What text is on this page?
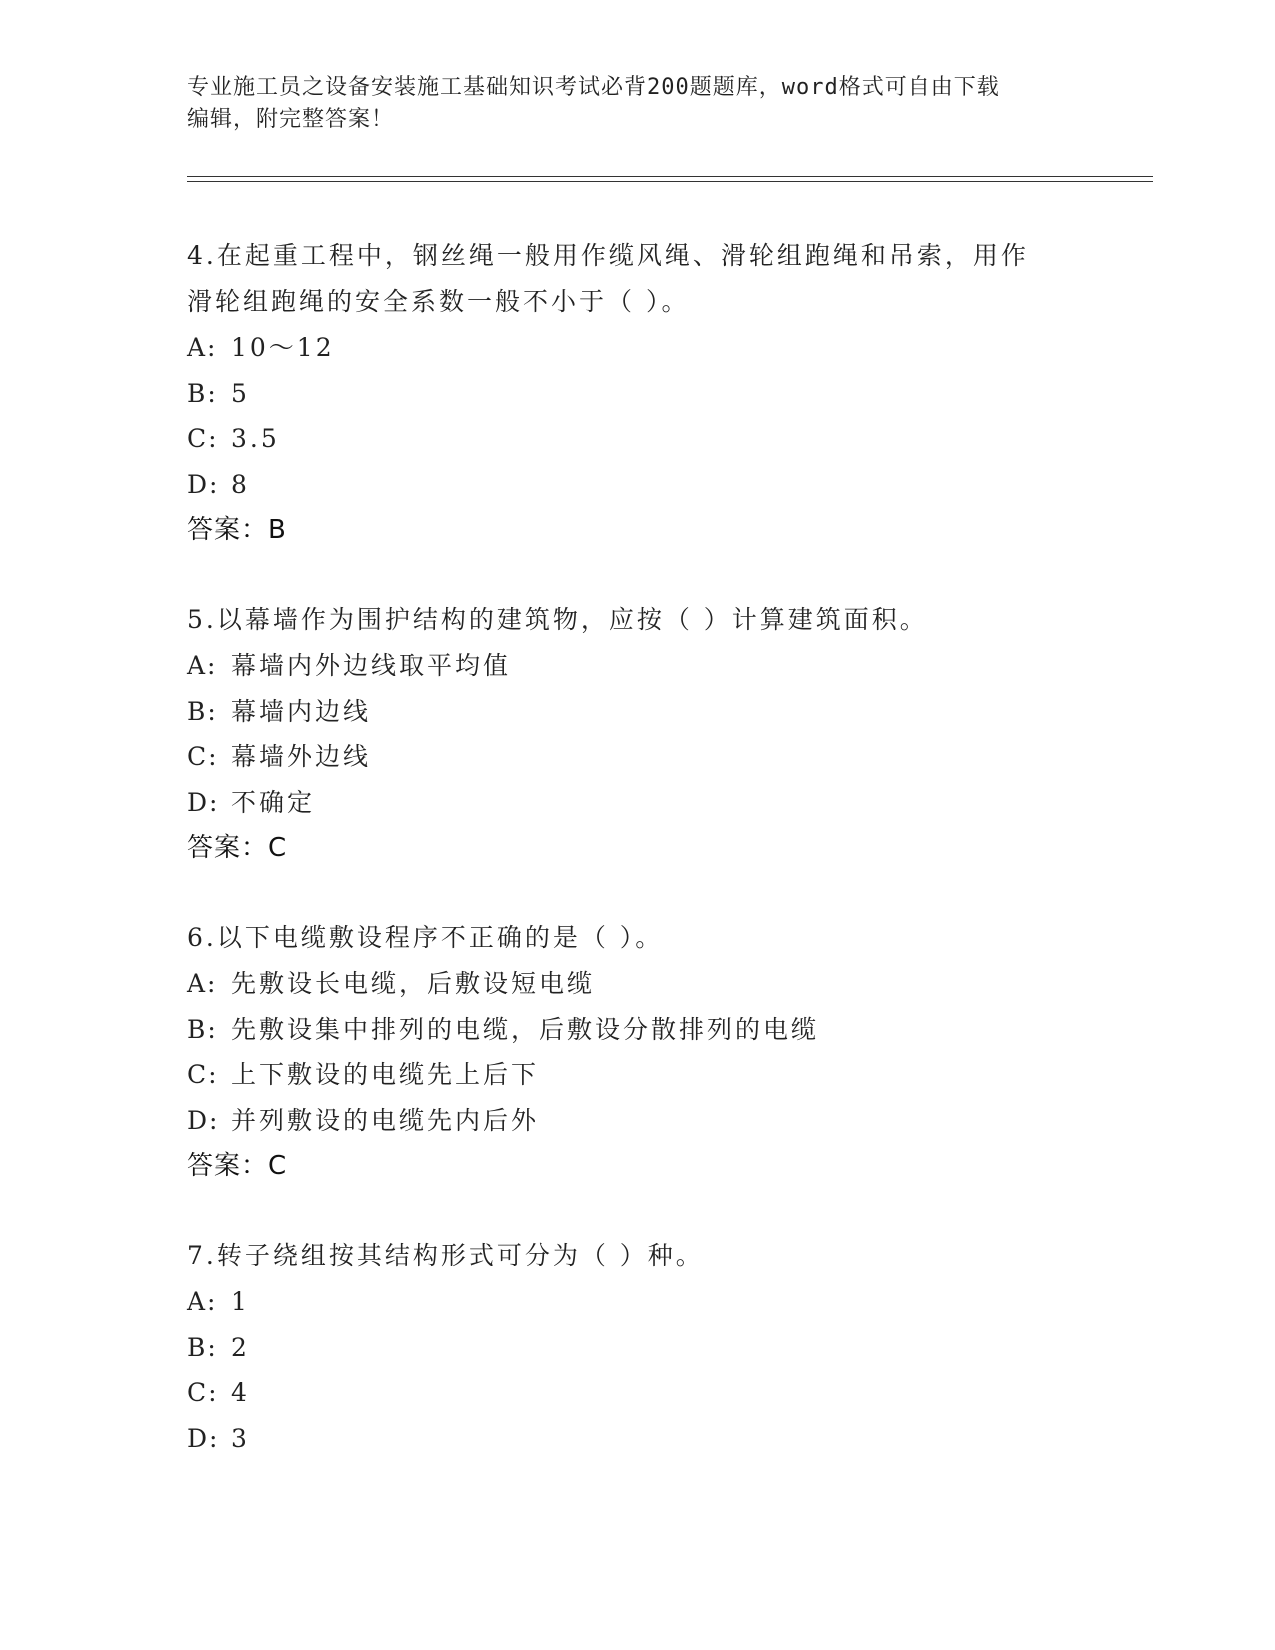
专业施工员之设备安装施工基础知识考试必背200题题库，word格式可自由下载
编辑，附完整答案！
4.在起重工程中，钢丝绳一般用作缆风绳、滑轮组跑绳和吊索，用作
滑轮组跑绳的安全系数一般不小于（ ）。
A: 10～12
B: 5
C: 3.5
D: 8
答案：B
5.以幕墙作为围护结构的建筑物，应按（ ）计算建筑面积。
A: 幕墙内外边线取平均值
B: 幕墙内边线
C: 幕墙外边线
D: 不确定
答案：C
6.以下电缆敷设程序不正确的是（ ）。
A: 先敷设长电缆，后敷设短电缆
B: 先敷设集中排列的电缆，后敷设分散排列的电缆
C: 上下敷设的电缆先上后下
D: 并列敷设的电缆先内后外
答案：C
7.转子绕组按其结构形式可分为（ ）种。
A: 1
B: 2
C: 4
D: 3
